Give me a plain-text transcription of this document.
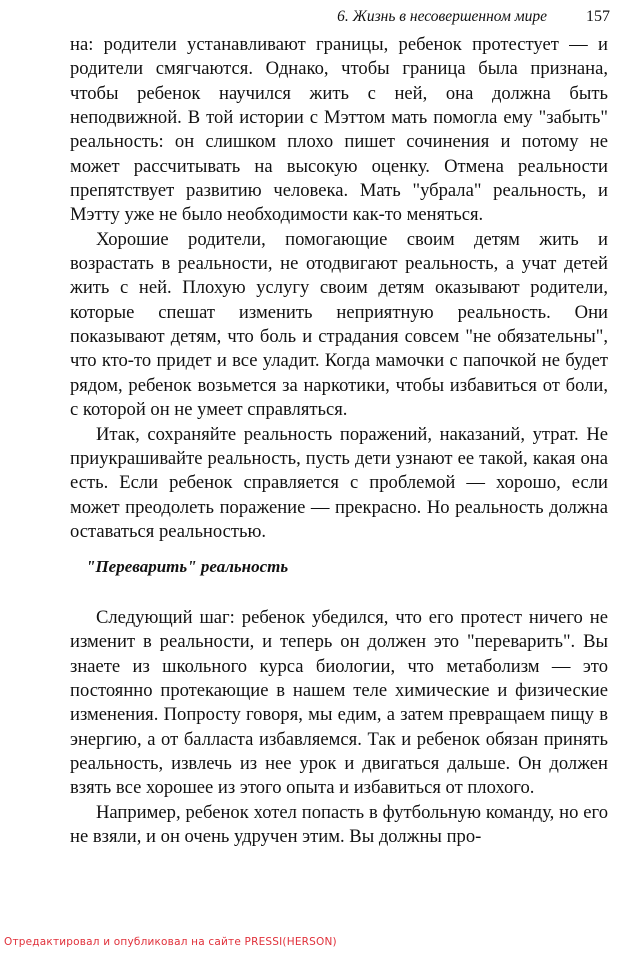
6. Жизнь в несовершенном мире 157

на: родители устанавливают границы, ребенок протестует — и родители смягчаются. Однако, чтобы граница была признана, чтобы ребенок научился жить с ней, она должна быть неподвижной. В той истории с Мэттом мать помогла ему "забыть" реальность: он слишком плохо пишет сочинения и потому не может рассчитывать на высокую оценку. Отмена реальности препятствует развитию человека. Мать "убрала" реальность, и Мэтту уже не было необходимости как-то меняться.

Хорошие родители, помогающие своим детям жить и возрастать в реальности, не отодвигают реальность, а учат детей жить с ней. Плохую услугу своим детям оказывают родители, которые спешат изменить неприятную реальность. Они показывают детям, что боль и страдания совсем "не обязательны", что кто-то придет и все уладит. Когда мамочки с папочкой не будет рядом, ребенок возьмется за наркотики, чтобы избавиться от боли, с которой он не умеет справляться.

Итак, сохраняйте реальность поражений, наказаний, утрат. Не приукрашивайте реальность, пусть дети узнают ее такой, какая она есть. Если ребенок справляется с проблемой — хорошо, если может преодолеть поражение — прекрасно. Но реальность должна оставаться реальностью.

"Переварить" реальность

Следующий шаг: ребенок убедился, что его протест ничего не изменит в реальности, и теперь он должен это "переварить". Вы знаете из школьного курса биологии, что метаболизм — это постоянно протекающие в нашем теле химические и физические изменения. Попросту говоря, мы едим, а затем превращаем пищу в энергию, а от балласта избавляемся. Так и ребенок обязан принять реальность, извлечь из нее урок и двигаться дальше. Он должен взять все хорошее из этого опыта и избавиться от плохого.

Например, ребенок хотел попасть в футбольную команду, но его не взяли, и он очень удручен этим. Вы должны про-

Отредактировал и опубликовал на сайте PRESSI(HERSON)
